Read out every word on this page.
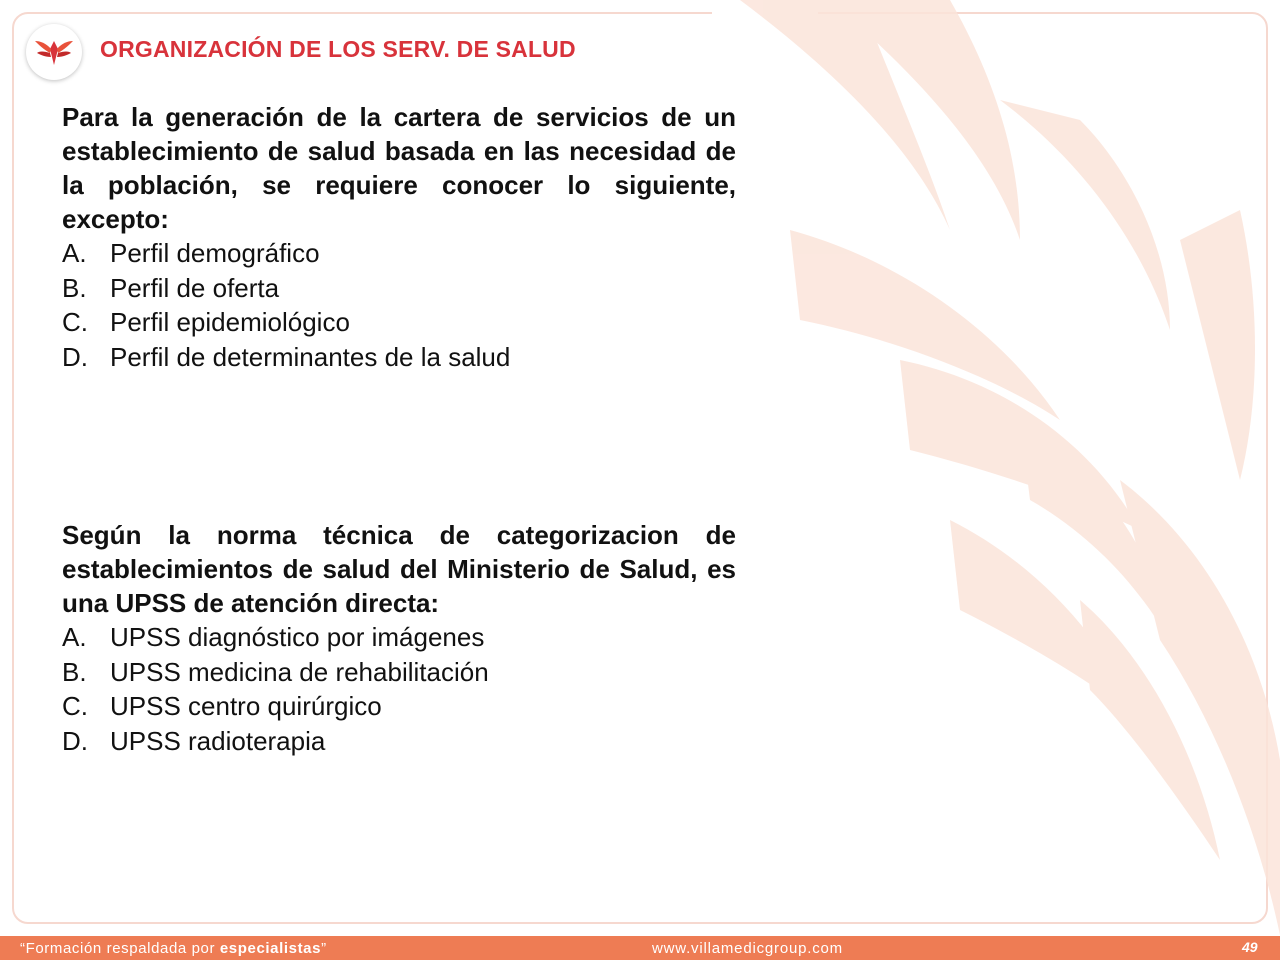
ORGANIZACIÓN DE LOS SERV. DE SALUD

Para la generación de la cartera de servicios de un establecimiento de salud basada en las necesidad de la población, se requiere conocer lo siguiente, excepto:

A. Perfil demográfico
B. Perfil de oferta
C. Perfil epidemiológico
D. Perfil de determinantes de la salud

Según la norma técnica de categorizacion de establecimientos de salud del Ministerio de Salud, es una UPSS de atención directa:

A. UPSS diagnóstico por imágenes
B. UPSS medicina de rehabilitación
C. UPSS centro quirúrgico
D. UPSS radioterapia
“Formación respaldada por especialistas”	www.villamedicgroup.com	49
